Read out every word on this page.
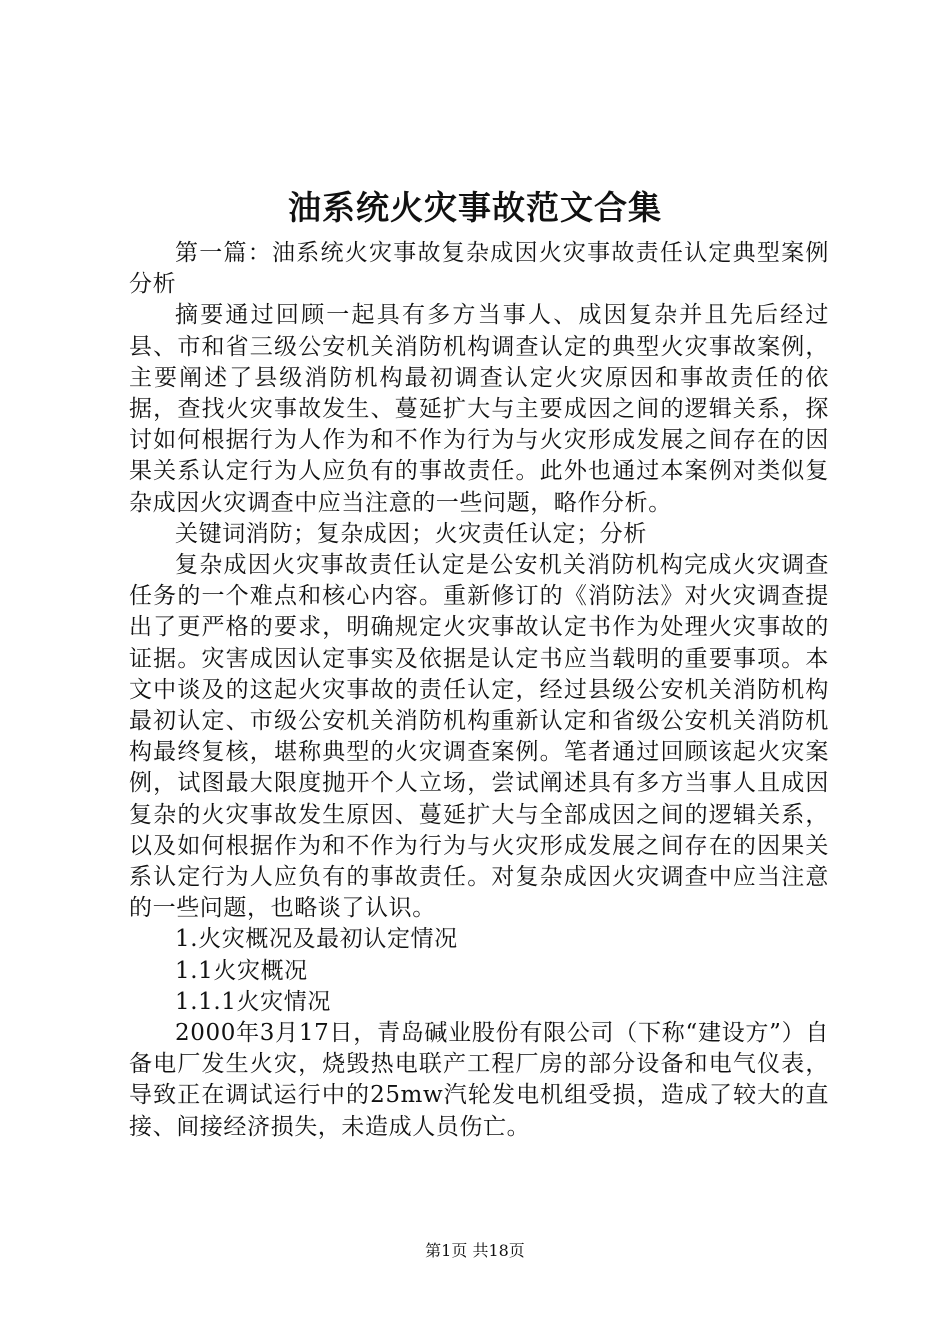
油系统火灾事故范文合集

第一篇：油系统火灾事故复杂成因火灾事故责任认定典型案例分析

摘要通过回顾一起具有多方当事人、成因复杂并且先后经过县、市和省三级公安机关消防机构调查认定的典型火灾事故案例，主要阐述了县级消防机构最初调查认定火灾原因和事故责任的依据，查找火灾事故发生、蔓延扩大与主要成因之间的逻辑关系，探讨如何根据行为人作为和不作为行为与火灾形成发展之间存在的因果关系认定行为人应负有的事故责任。此外也通过本案例对类似复杂成因火灾调查中应当注意的一些问题，略作分析。

关键词消防；复杂成因；火灾责任认定；分析

复杂成因火灾事故责任认定是公安机关消防机构完成火灾调查任务的一个难点和核心内容。重新修订的《消防法》对火灾调查提出了更严格的要求，明确规定火灾事故认定书作为处理火灾事故的证据。灾害成因认定事实及依据是认定书应当载明的重要事项。本文中谈及的这起火灾事故的责任认定，经过县级公安机关消防机构最初认定、市级公安机关消防机构重新认定和省级公安机关消防机构最终复核，堪称典型的火灾调查案例。笔者通过回顾该起火灾案例，试图最大限度抛开个人立场，尝试阐述具有多方当事人且成因复杂的火灾事故发生原因、蔓延扩大与全部成因之间的逻辑关系，以及如何根据作为和不作为行为与火灾形成发展之间存在的因果关系认定行为人应负有的事故责任。对复杂成因火灾调查中应当注意的一些问题，也略谈了认识。

1.火灾概况及最初认定情况

1.1火灾概况

1.1.1火灾情况

2000年3月17日，青岛碱业股份有限公司（下称“建设方”）自备电厂发生火灾，烧毁热电联产工程厂房的部分设备和电气仪表，导致正在调试运行中的25mw汽轮发电机组受损，造成了较大的直接、间接经济损失，未造成人员伤亡。

第1页 共18页
